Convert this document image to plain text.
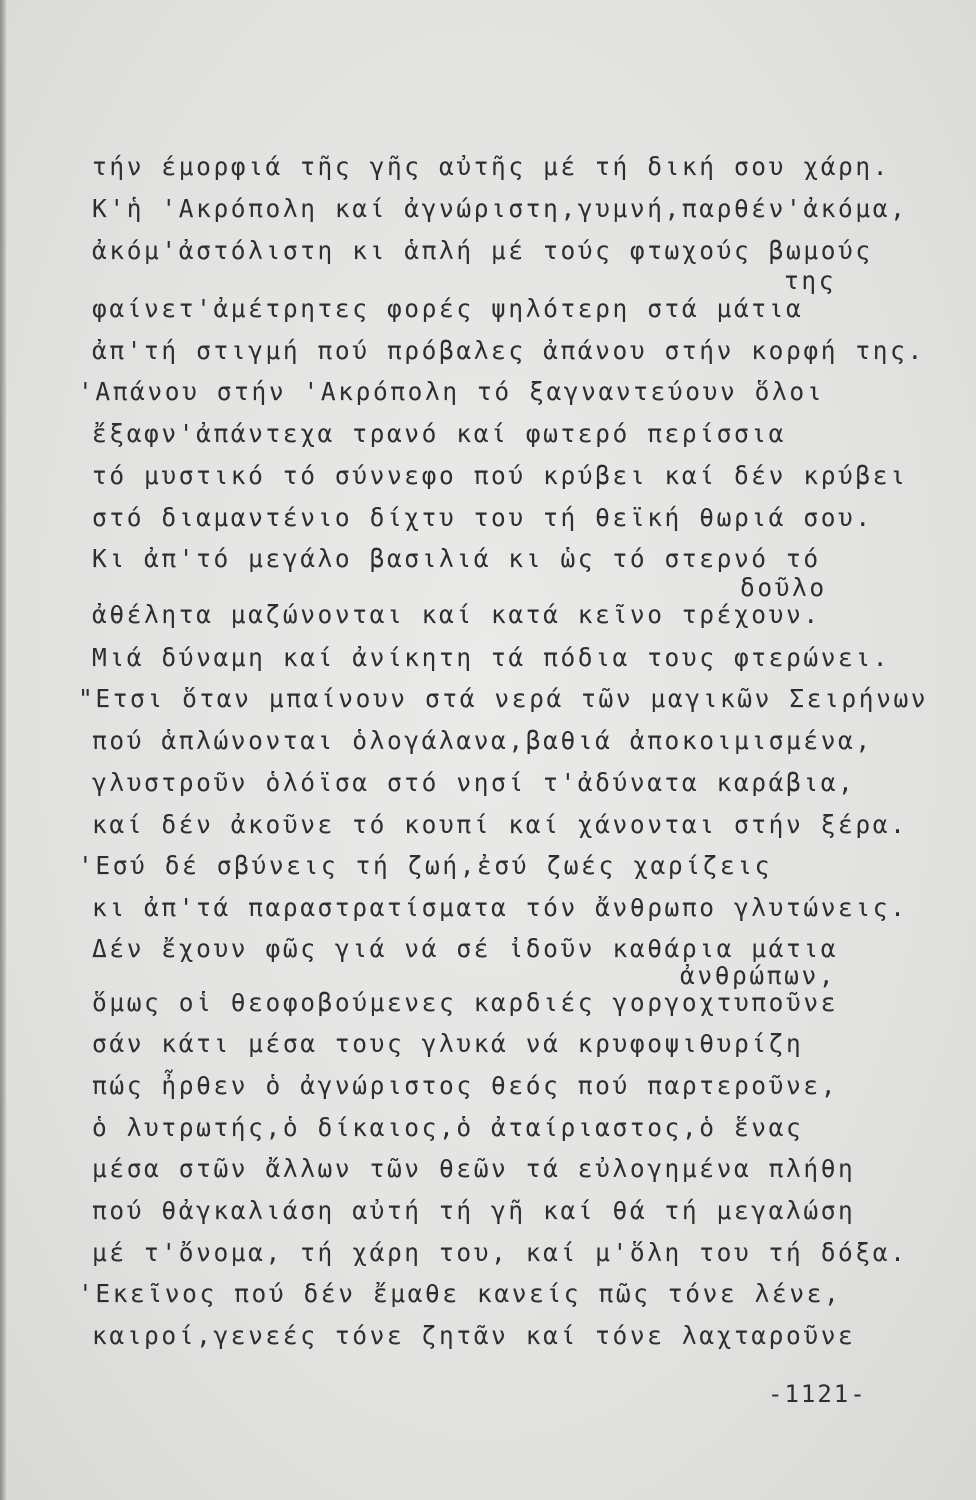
τήν έμορφιά τῆς γῆς αὐτῆς μέ τή δική σου χάρη.
Κ'ἡ 'Ακρόπολη καί ἀγνώριστη,γυμνή,παρθέν'ἀκόμα,
ἀκόμ'ἀστόλιστη κι ἁπλή μέ τούς φτωχούς βωμούς
της
φαίνετ'ἀμέτρητες φορές ψηλότερη στά μάτια
ἀπ'τή στιγμή πού πρόβαλες ἀπάνου στήν κορφή της.
'Απάνου στήν 'Ακρόπολη τό ξαγναντεύουν ὅλοι
ἔξαφν'ἀπάντεχα τρανό καί φωτερό περίσσια
τό μυστικό τό σύννεφο πού κρύβει καί δέν κρύβει
στό διαμαντένιο δίχτυ του τή θεϊκή θωριά σου.
Κι ἀπ'τό μεγάλο βασιλιά κι ὡς τό στερνό τό
δοῦλο
ἀθέλητα μαζώνονται καί κατά κεῖνο τρέχουν.
Μιά δύναμη καί ἀνίκητη τά πόδια τους φτερώνει.
"Ετσι ὅταν μπαίνουν στά νερά τῶν μαγικῶν Σειρήνων
πού ἁπλώνονται ὁλογάλανα,βαθιά ἀποκοιμισμένα,
γλυστροῦν ὁλόϊσα στό νησί τ'ἀδύνατα καράβια,
καί δέν ἀκοῦνε τό κουπί καί χάνονται στήν ξέρα.
'Εσύ δέ σβύνεις τή ζωή,ἐσύ ζωές χαρίζεις
κι ἀπ'τά παραστρατίσματα τόν ἄνθρωπο γλυτώνεις.
Δέν ἔχουν φῶς γιά νά σέ ἰδοῦν καθάρια μάτια
ἀνθρώπων,
ὅμως οἱ θεοφοβούμενες καρδιές γοργοχτυποῦνε
σάν κάτι μέσα τους γλυκά νά κρυφοψιθυρίζη
πώς ἦρθεν ὁ ἀγνώριστος θεός πού παρτεροῦνε,
ὁ λυτρωτής,ὁ δίκαιος,ὁ ἀταίριαστος,ὁ ἕνας
μέσα στῶν ἄλλων τῶν θεῶν τά εὐλογημένα πλήθη
πού θἀγκαλιάση αὐτή τή γῆ καί θά τή μεγαλώση
μέ τ'ὄνομα, τή χάρη του, καί μ'ὅλη του τή δόξα.
'Εκεῖνος πού δέν ἔμαθε κανείς πῶς τόνε λένε,
καιροί,γενεές τόνε ζητᾶν καί τόνε λαχταροῦνε
-1121-
